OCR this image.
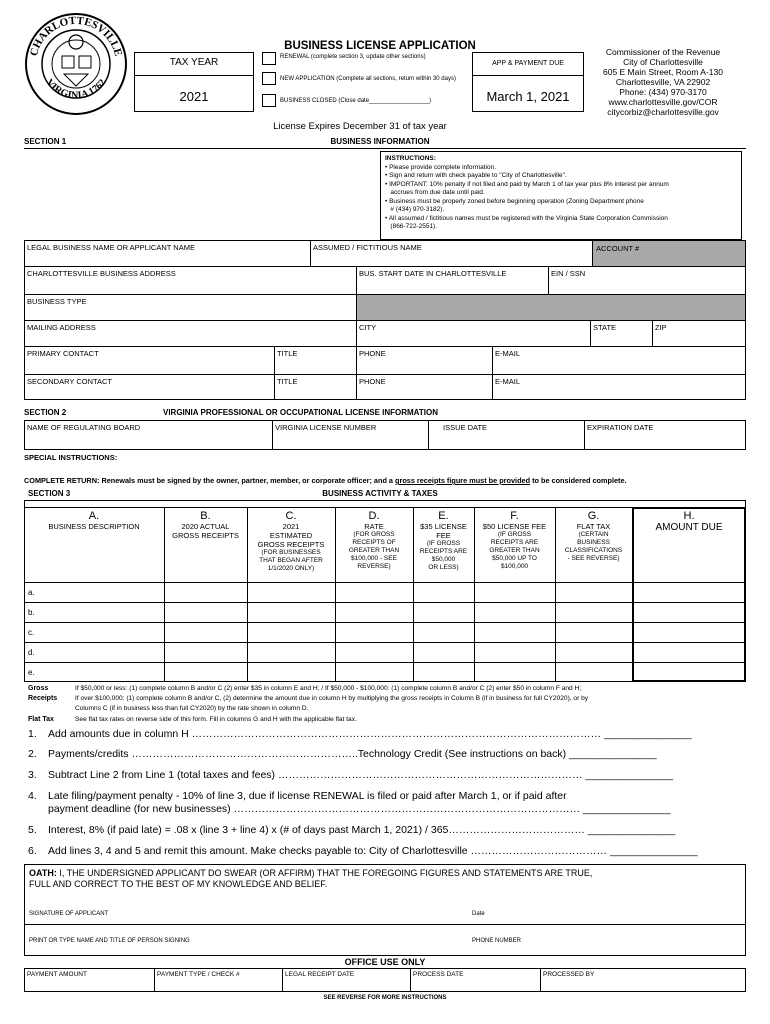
CHARLOTTESVILLE
VIRGINIA 1762
BUSINESS LICENSE APPLICATION
TAX YEAR
2021
RENEWAL (complete section 3, update other sections)
NEW APPLICATION (Complete all sections, return within 30 days)
BUSINESS CLOSED (Close date__________________)
APP & PAYMENT DUE
March 1, 2021
Commissioner of the Revenue
City of Charlottesville
605 E Main Street, Room A-130
Charlottesville, VA 22902
Phone: (434) 970-3170
www.charlottesville.gov/COR
citycorbiz@charlottesville.gov
License Expires December 31 of tax year
SECTION 1	BUSINESS INFORMATION
INSTRUCTIONS:
• Please provide complete information.
• Sign and return with check payable to "City of Charlottesville".
• IMPORTANT: 10% penalty if not filed and paid by March 1 of tax year plus 8% interest per annum
accrues from due date until paid.
• Business must be properly zoned before beginning operation (Zoning Department phone
# (434) 970-3182).
• All assumed / fictitious names must be registered with the Virginia State Corporation Commission
(866-722-2551).
LEGAL BUSINESS NAME OR APPLICANT NAME	ASSUMED / FICTITIOUS NAME	ACCOUNT #
CHARLOTTESVILLE BUSINESS ADDRESS	BUS. START DATE IN CHARLOTTESVILLE	EIN / SSN
BUSINESS TYPE
MAILING ADDRESS	CITY	STATE	ZIP
PRIMARY CONTACT	TITLE	PHONE	E-MAIL
SECONDARY CONTACT	TITLE	PHONE	E-MAIL
SECTION 2	VIRGINIA PROFESSIONAL OR OCCUPATIONAL LICENSE INFORMATION
NAME OF REGULATING BOARD	VIRGINIA LICENSE NUMBER	ISSUE DATE	EXPIRATION DATE
SPECIAL INSTRUCTIONS:
COMPLETE RETURN: Renewals must be signed by the owner, partner, member, or corporate officer; and a gross receipts figure must be provided to be considered complete.
SECTION 3	BUSINESS ACTIVITY & TAXES
A.
BUSINESS DESCRIPTION
B.
2020 ACTUAL
GROSS RECEIPTS
C.
2021
ESTIMATED
GROSS RECEIPTS
(FOR BUSINESSES
THAT BEGAN AFTER
1/1/2020 ONLY)
D.
RATE
(FOR GROSS
RECEIPTS OF
GREATER THAN
$100,000 - SEE
REVERSE)
E.
$35 LICENSE
FEE
(IF GROSS
RECEIPTS ARE
$50,000
OR LESS)
F.
$50 LICENSE FEE
(IF GROSS
RECEIPTS ARE
GREATER THAN
$50,000 UP TO
$100,000
G.
FLAT TAX
(CERTAIN
BUSINESS
CLASSIFICATIONS
- SEE REVERSE)
H.
AMOUNT DUE
a.
b.
c.
d.
e.
Gross
Receipts
If $50,000 or less: (1) complete column B and/or C (2) enter $35 in column E and H; / If $50,000 - $100,000: (1) complete column B and/or C (2) enter $50 in column F and H;
If over $100,000: (1) complete column B and/or C, (2) determine the amount due in column H by multiplying the gross receipts in Column B (if in business for full CY2020), or by
Columns C (if in business less than full CY2020) by the rate shown in column D.
Flat Tax	See flat tax rates on reverse side of this form. Fill in columns G and H with the applicable flat tax.
1. Add amounts due in column H ……………………………………………………………………………………………………… _______________
2. Payments/credits ………………………………………………………..Technology Credit (See instructions on back) _______________
3. Subtract Line 2 from Line 1 (total taxes and fees) …………………………………………………………………………… _______________
4. Late filing/payment penalty - 10% of line 3, due if license RENEWAL is filed or paid after March 1, or if paid after
payment deadline (for new businesses) ……………………………………………………………………………………… _______________
5. Interest, 8% (if paid late) = .08 x (line 3 + line 4) x (# of days past March 1, 2021) / 365………………………………… _______________
6. Add lines 3, 4 and 5 and remit this amount. Make checks payable to: City of Charlottesville ………………………………… _______________
OATH: I, THE UNDERSIGNED APPLICANT DO SWEAR (OR AFFIRM) THAT THE FOREGOING FIGURES AND STATEMENTS ARE TRUE,
FULL AND CORRECT TO THE BEST OF MY KNOWLEDGE AND BELIEF.
SIGNATURE OF APPLICANT	Date
PRINT OR TYPE NAME AND TITLE OF PERSON SIGNING	PHONE NUMBER
OFFICE USE ONLY
PAYMENT AMOUNT	PAYMENT TYPE / CHECK #	LEGAL RECEIPT DATE	PROCESS DATE	PROCESSED BY
SEE REVERSE FOR MORE INSTRUCTIONS
